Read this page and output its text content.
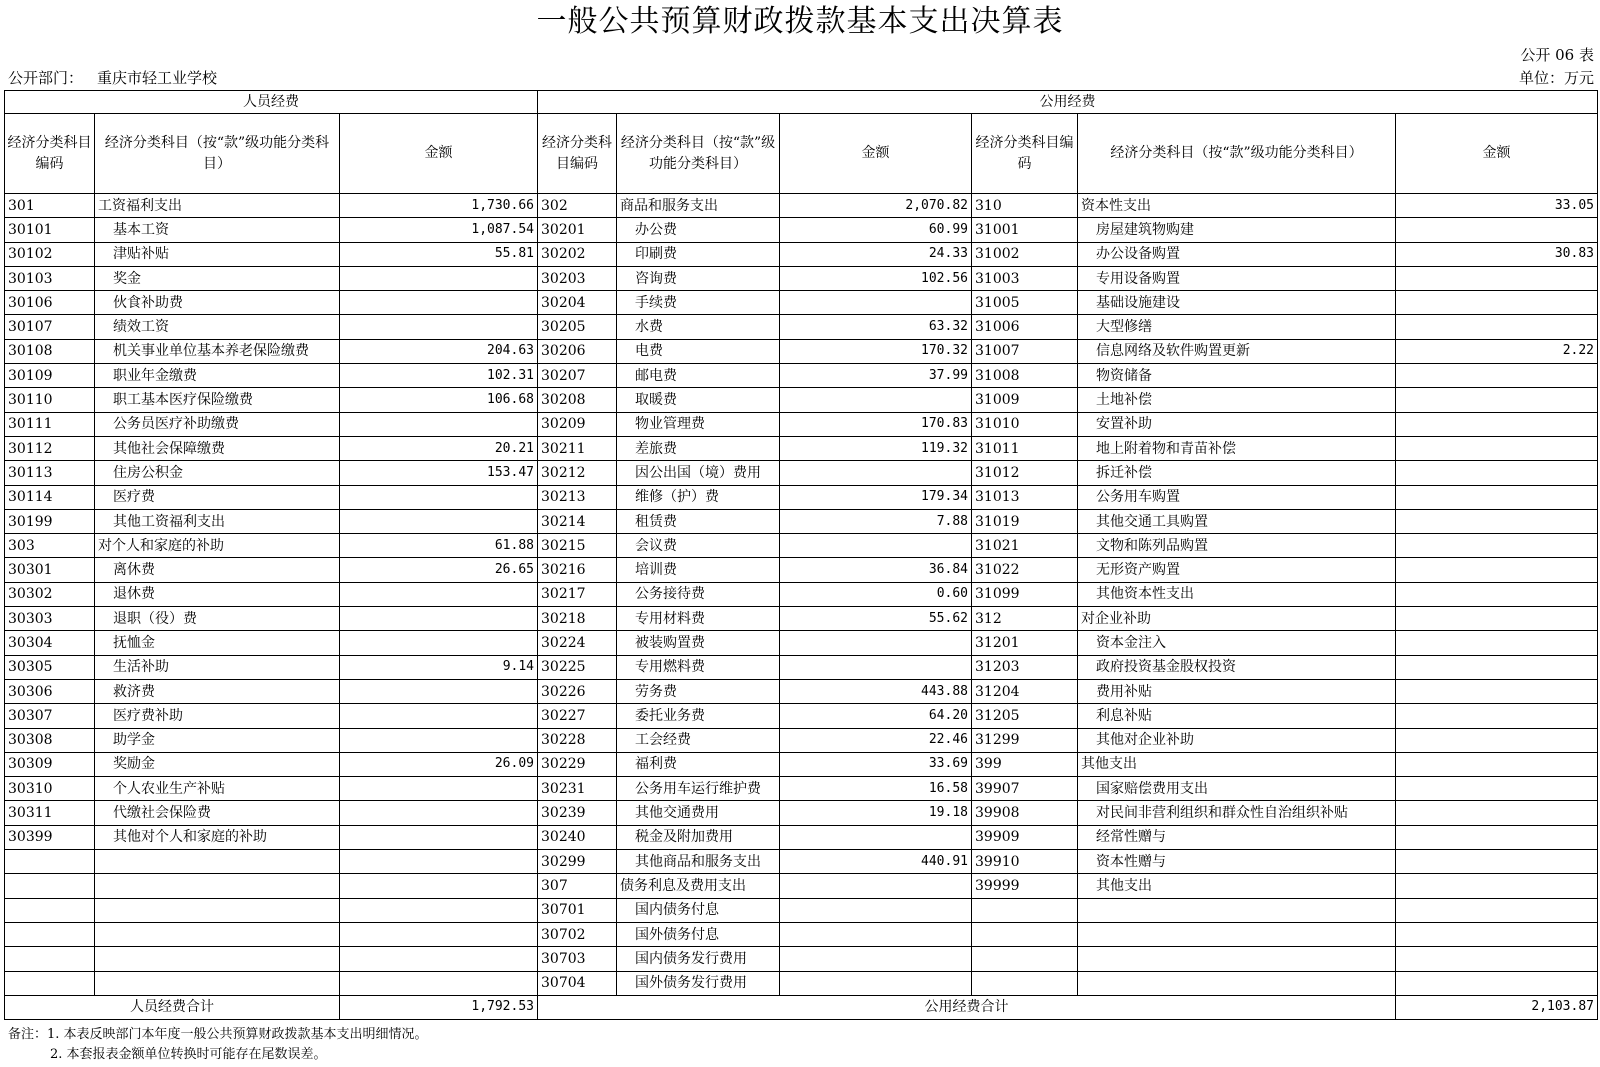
一般公共预算财政拨款基本支出决算表
公开 06 表
公开部门： 重庆市轻工业学校	单位：万元
人员经费			公用经费					
经济分类科目编码	经济分类科目（按“款”级功能分类科目）	金额	经济分类科目编码	经济分类科目（按“款”级功能分类科目）	金额	经济分类科目编码	经济分类科目（按“款”级功能分类科目）	金额
301	工资福利支出	1,730.66	302	商品和服务支出	2,070.82	310	资本性支出	33.05
30101	基本工资	1,087.54	30201	办公费	60.99	31001	房屋建筑物购建	
30102	津贴补贴	55.81	30202	印刷费	24.33	31002	办公设备购置	30.83
30103	奖金		30203	咨询费	102.56	31003	专用设备购置	
30106	伙食补助费		30204	手续费		31005	基础设施建设	
30107	绩效工资		30205	水费	63.32	31006	大型修缮	
30108	机关事业单位基本养老保险缴费	204.63	30206	电费	170.32	31007	信息网络及软件购置更新	2.22
30109	职业年金缴费	102.31	30207	邮电费	37.99	31008	物资储备	
30110	职工基本医疗保险缴费	106.68	30208	取暖费		31009	土地补偿	
30111	公务员医疗补助缴费		30209	物业管理费	170.83	31010	安置补助	
30112	其他社会保障缴费	20.21	30211	差旅费	119.32	31011	地上附着物和青苗补偿	
30113	住房公积金	153.47	30212	因公出国（境）费用		31012	拆迁补偿	
30114	医疗费		30213	维修（护）费	179.34	31013	公务用车购置	
30199	其他工资福利支出		30214	租赁费	7.88	31019	其他交通工具购置	
303	对个人和家庭的补助	61.88	30215	会议费		31021	文物和陈列品购置	
30301	离休费	26.65	30216	培训费	36.84	31022	无形资产购置	
30302	退休费		30217	公务接待费	0.60	31099	其他资本性支出	
30303	退职（役）费		30218	专用材料费	55.62	312	对企业补助	
30304	抚恤金		30224	被装购置费		31201	资本金注入	
30305	生活补助	9.14	30225	专用燃料费		31203	政府投资基金股权投资	
30306	救济费		30226	劳务费	443.88	31204	费用补贴	
30307	医疗费补助		30227	委托业务费	64.20	31205	利息补贴	
30308	助学金		30228	工会经费	22.46	31299	其他对企业补助	
30309	奖励金	26.09	30229	福利费	33.69	399	其他支出	
30310	个人农业生产补贴		30231	公务用车运行维护费	16.58	39907	国家赔偿费用支出	
30311	代缴社会保险费		30239	其他交通费用	19.18	39908	对民间非营利组织和群众性自治组织补贴	
30399	其他对个人和家庭的补助		30240	税金及附加费用		39909	经常性赠与	
			30299	其他商品和服务支出	440.91	39910	资本性赠与	
			307	债务利息及费用支出		39999	其他支出	
			30701	国内债务付息				
			30702	国外债务付息				
			30703	国内债务发行费用				
			30704	国外债务发行费用				
人员经费合计		1,792.53	公用经费合计					2,103.87
备注：1. 本表反映部门本年度一般公共预算财政拨款基本支出明细情况。
2. 本套报表金额单位转换时可能存在尾数误差。
